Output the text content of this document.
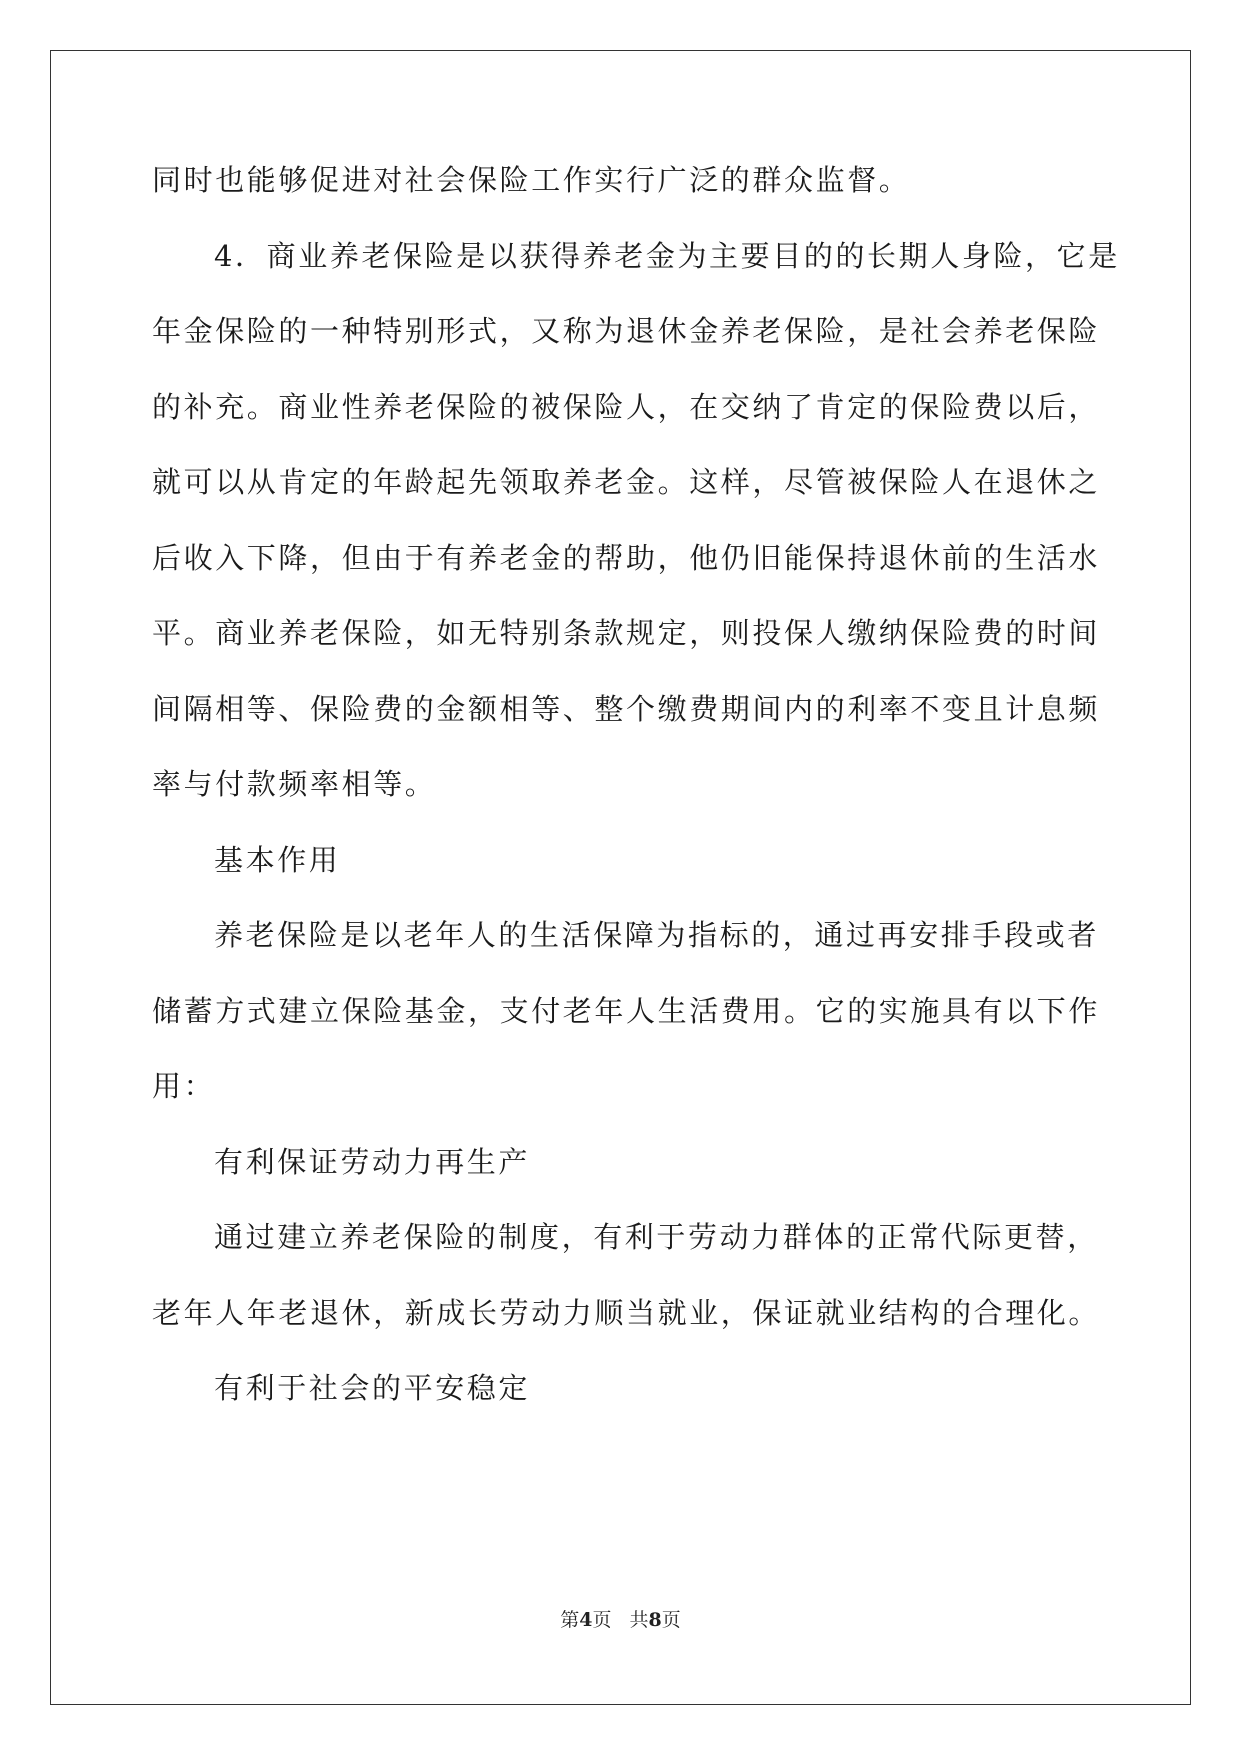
同时也能够促进对社会保险工作实行广泛的群众监督。
4．商业养老保险是以获得养老金为主要目的的长期人身险，它是
年金保险的一种特别形式，又称为退休金养老保险，是社会养老保险
的补充。商业性养老保险的被保险人，在交纳了肯定的保险费以后，
就可以从肯定的年龄起先领取养老金。这样，尽管被保险人在退休之
后收入下降，但由于有养老金的帮助，他仍旧能保持退休前的生活水
平。商业养老保险，如无特别条款规定，则投保人缴纳保险费的时间
间隔相等、保险费的金额相等、整个缴费期间内的利率不变且计息频
率与付款频率相等。
基本作用
养老保险是以老年人的生活保障为指标的，通过再安排手段或者
储蓄方式建立保险基金，支付老年人生活费用。它的实施具有以下作
用：
有利保证劳动力再生产
通过建立养老保险的制度，有利于劳动力群体的正常代际更替，
老年人年老退休，新成长劳动力顺当就业，保证就业结构的合理化。
有利于社会的平安稳定
第4页 共8页
